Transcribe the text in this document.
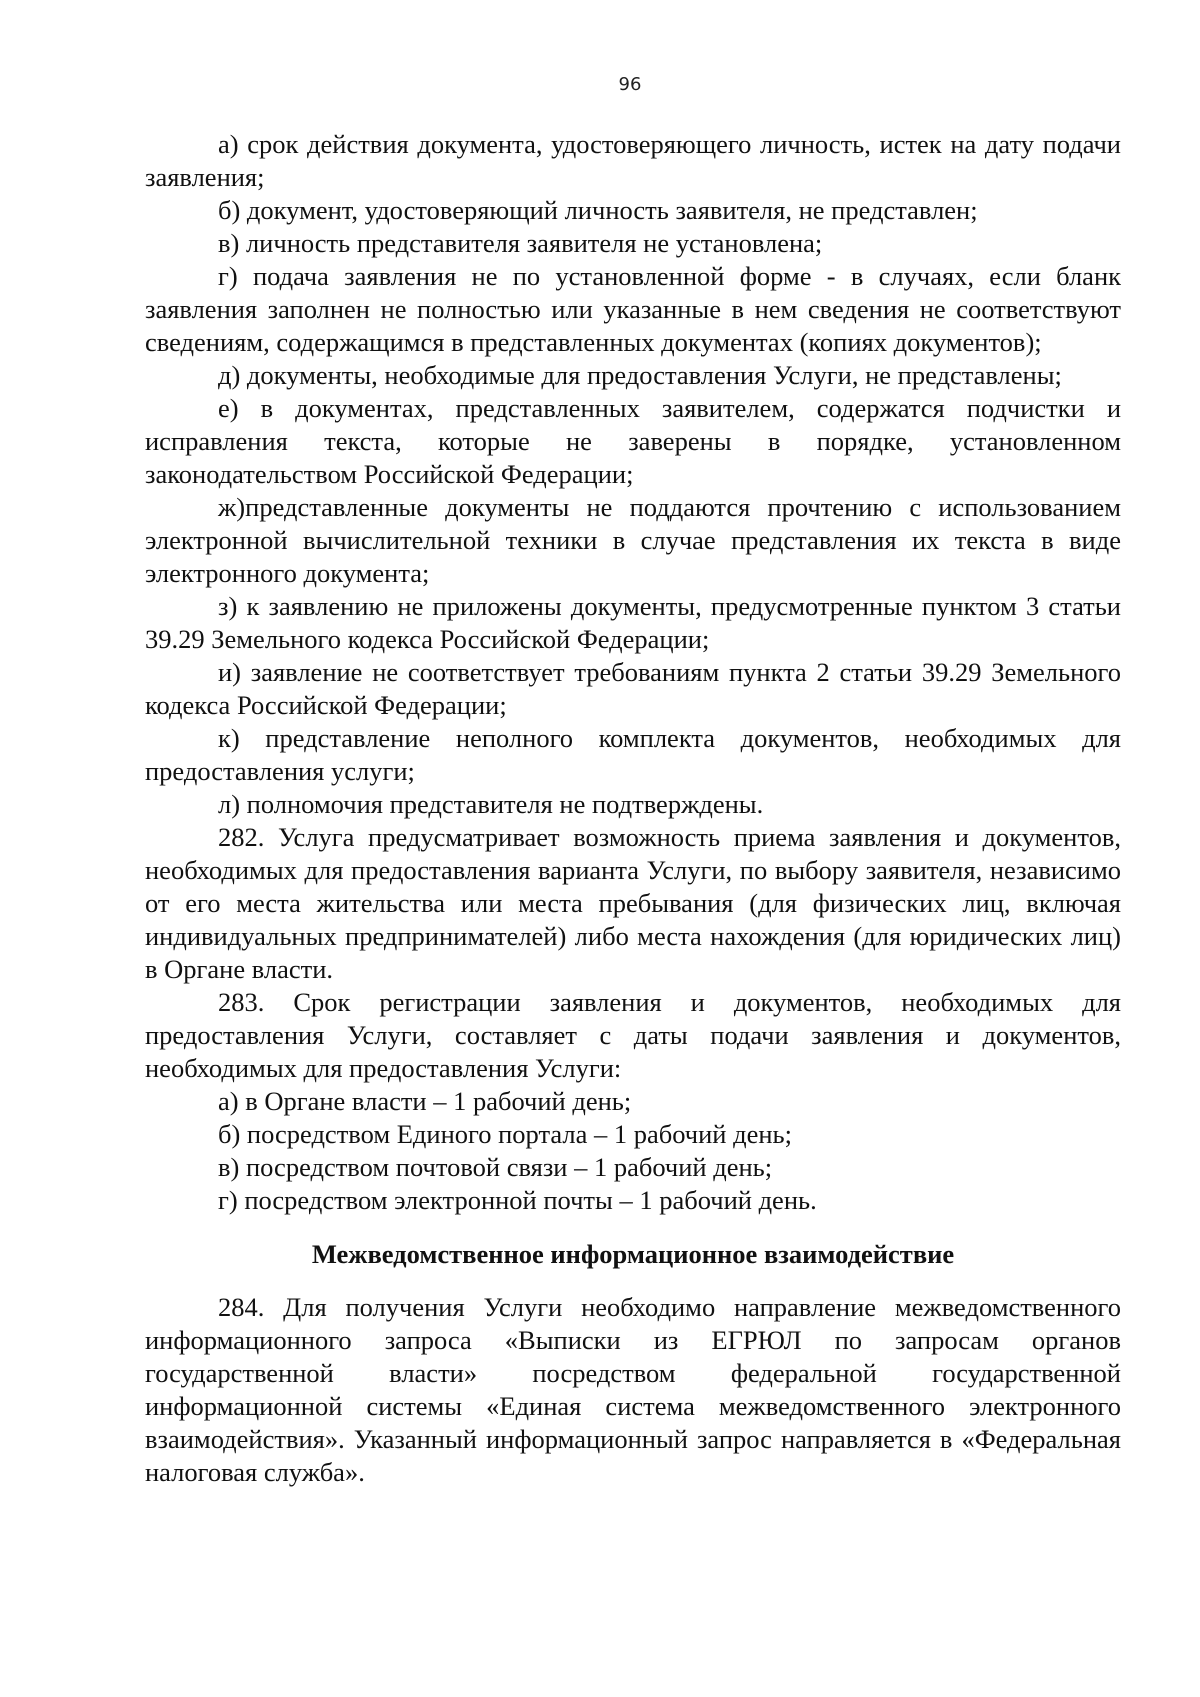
96

а) срок действия документа, удостоверяющего личность, истек на дату подачи заявления;

б) документ, удостоверяющий личность заявителя, не представлен;

в) личность представителя заявителя не установлена;

г) подача заявления не по установленной форме - в случаях, если бланк заявления заполнен не полностью или указанные в нем сведения не соответствуют сведениям, содержащимся в представленных документах (копиях документов);

д) документы, необходимые для предоставления Услуги, не представлены;

е) в документах, представленных заявителем, содержатся подчистки и исправления текста, которые не заверены в порядке, установленном законодательством Российской Федерации;

ж)представленные документы не поддаются прочтению с использованием электронной вычислительной техники в случае представления их текста в виде электронного документа;

з) к заявлению не приложены документы, предусмотренные пунктом 3 статьи 39.29 Земельного кодекса Российской Федерации;

и) заявление не соответствует требованиям пункта 2 статьи 39.29 Земельного кодекса Российской Федерации;

к) представление неполного комплекта документов, необходимых для предоставления услуги;

л) полномочия представителя не подтверждены.

282. Услуга предусматривает возможность приема заявления и документов, необходимых для предоставления варианта Услуги, по выбору заявителя, независимо от его места жительства или места пребывания (для физических лиц, включая индивидуальных предпринимателей) либо места нахождения (для юридических лиц) в Органе власти.

283. Срок регистрации заявления и документов, необходимых для предоставления Услуги, составляет с даты подачи заявления и документов, необходимых для предоставления Услуги:

а) в Органе власти – 1 рабочий день;

б) посредством Единого портала – 1 рабочий день;

в) посредством почтовой связи – 1 рабочий день;

г) посредством электронной почты – 1 рабочий день.

Межведомственное информационное взаимодействие

284. Для получения Услуги необходимо направление межведомственного информационного запроса «Выписки из ЕГРЮЛ по запросам органов государственной власти» посредством федеральной государственной информационной системы «Единая система межведомственного электронного взаимодействия». Указанный информационный запрос направляется в «Федеральная налоговая служба».
